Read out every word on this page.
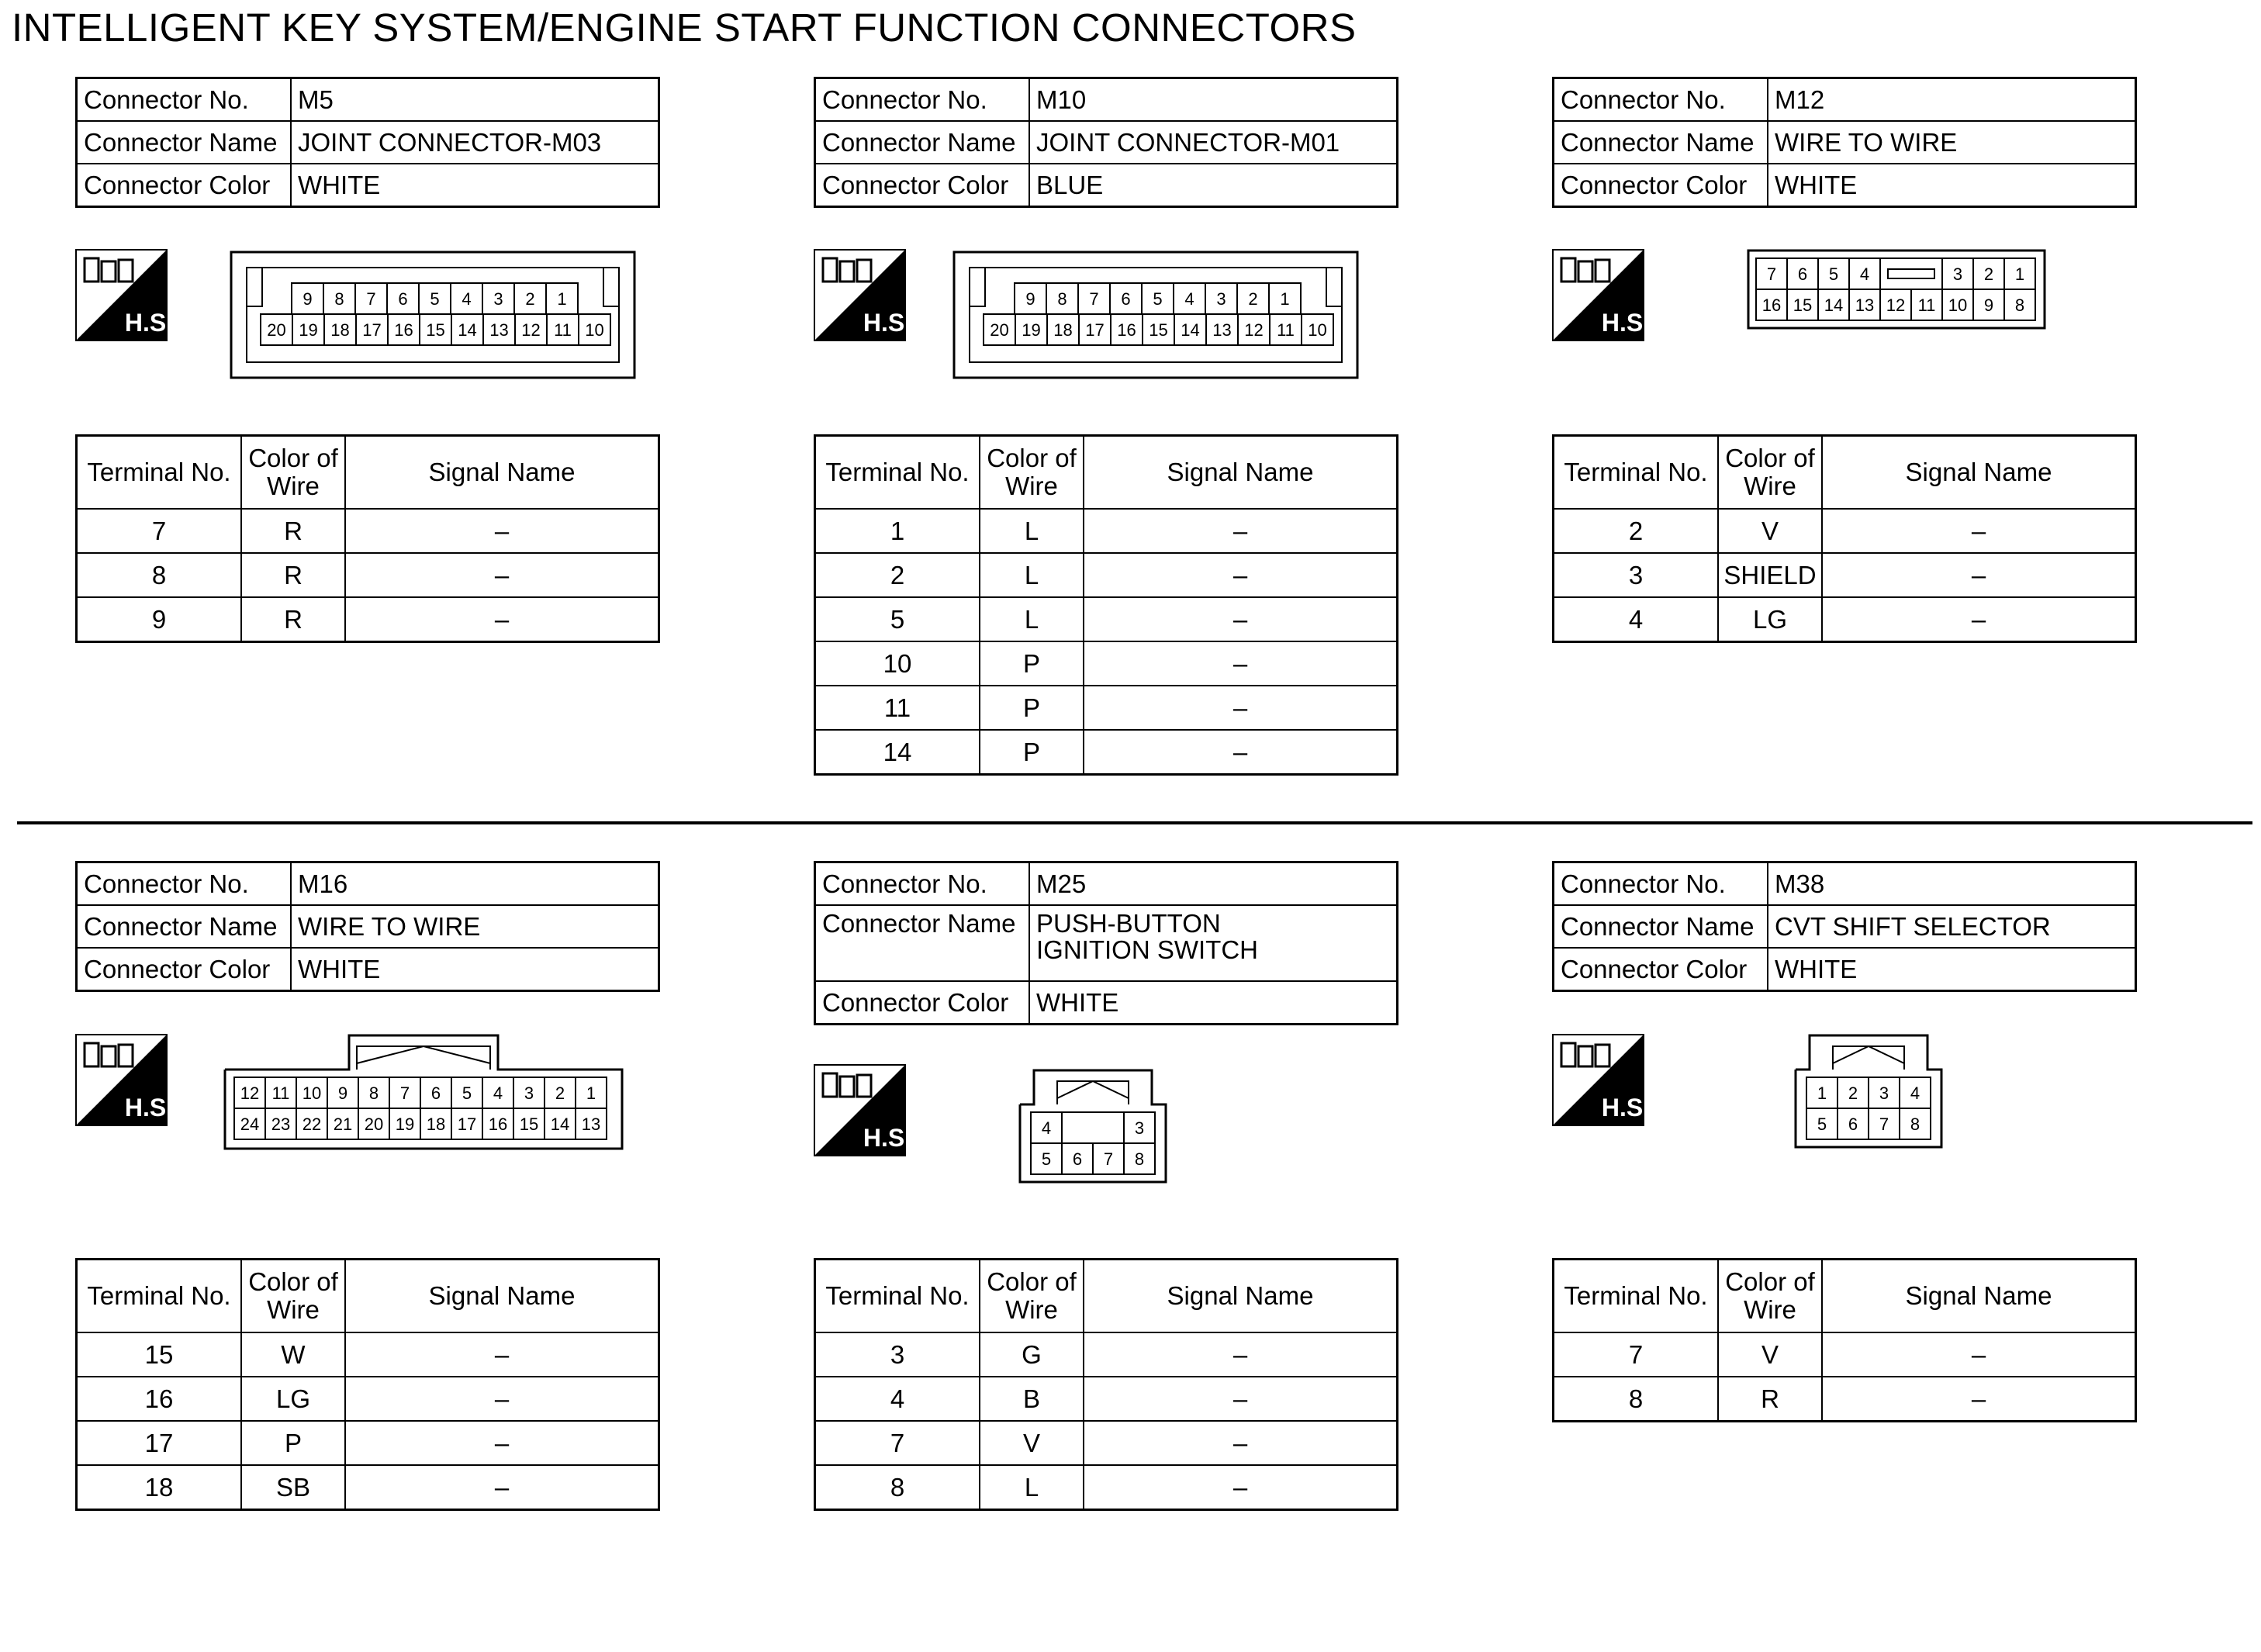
INTELLIGENT KEY SYSTEM/ENGINE START FUNCTION CONNECTORS
Connector No.	M5
Connector Name	JOINT CONNECTOR-M03
Connector Color	WHITE
H.S.
9 8 7 6 5 4 3 2 1
20 19 18 17 16 15 14 13 12 11 10
Terminal No.	Color of Wire	Signal Name
7	R	–
8	R	–
9	R	–
Connector No.	M10
Connector Name	JOINT CONNECTOR-M01
Connector Color	BLUE
H.S.
9 8 7 6 5 4 3 2 1
20 19 18 17 16 15 14 13 12 11 10
Terminal No.	Color of Wire	Signal Name
1	L	–
2	L	–
5	L	–
10	P	–
11	P	–
14	P	–
Connector No.	M12
Connector Name	WIRE TO WIRE
Connector Color	WHITE
H.S.
7 6 5 4	3 2 1
16 15 14 13 12 11 10 9 8
Terminal No.	Color of Wire	Signal Name
2	V	–
3	SHIELD	–
4	LG	–
Connector No.	M16
Connector Name	WIRE TO WIRE
Connector Color	WHITE
H.S.
12 11 10 9 8 7 6 5 4 3 2 1
24 23 22 21 20 19 18 17 16 15 14 13
Terminal No.	Color of Wire	Signal Name
15	W	–
16	LG	–
17	P	–
18	SB	–
Connector No.	M25
Connector Name	PUSH-BUTTON
IGNITION SWITCH
Connector Color	WHITE
H.S.	4	3
5 6 7 8
Terminal No.	Color of Wire	Signal Name
3	G	–
4	B	–
7	V	–
8	L	–
Connector No.	M38
Connector Name	CVT SHIFT SELECTOR
Connector Color	WHITE
H.S.
1 2 3 4
5 6 7 8
Terminal No.	Color of Wire	Signal Name
7	V	–
8	R	–
